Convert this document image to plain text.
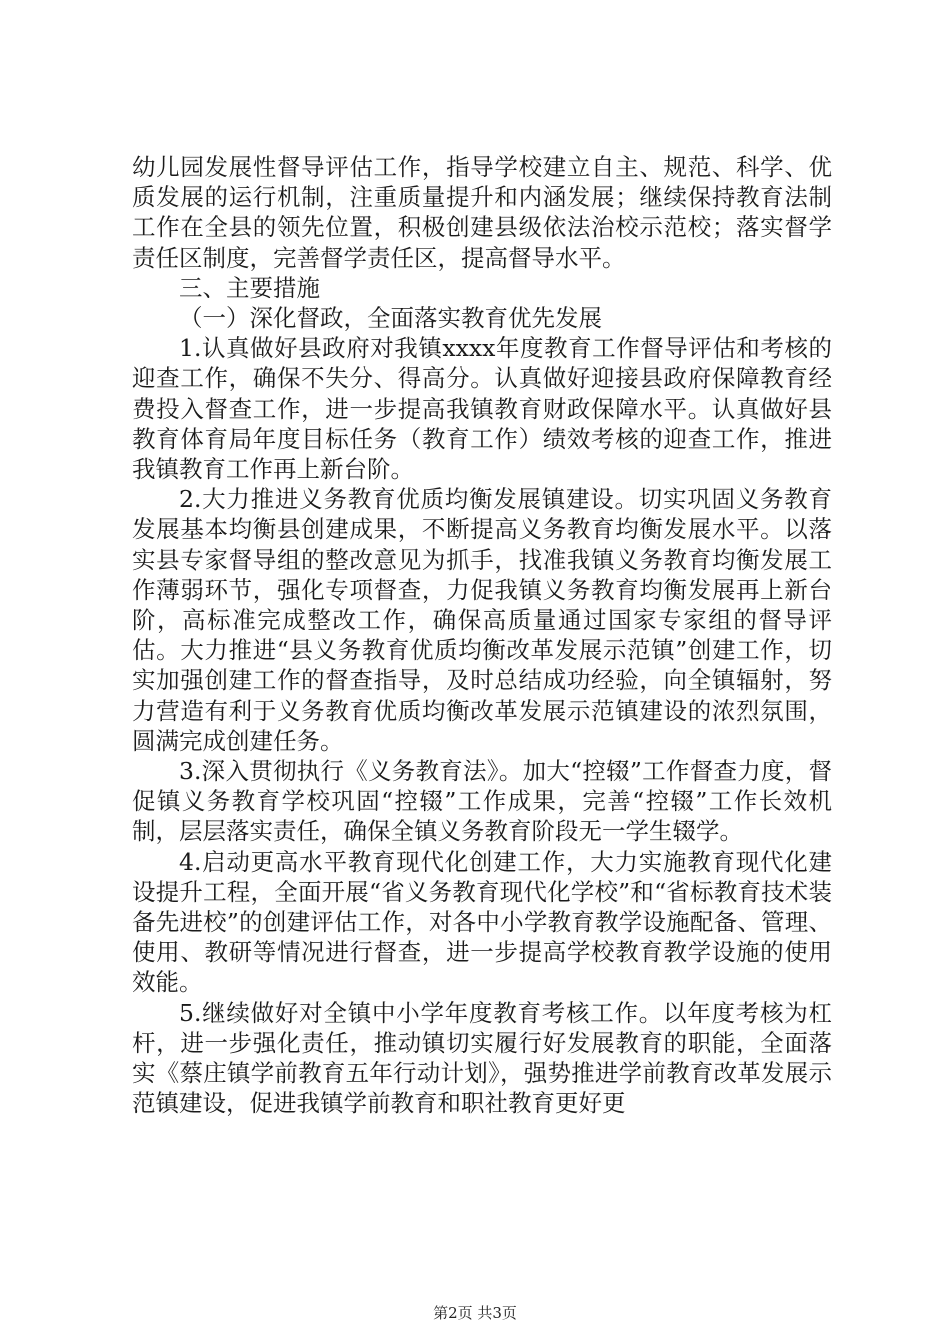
幼儿园发展性督导评估工作，指导学校建立自主、规范、科学、优质发展的运行机制，注重质量提升和内涵发展；继续保持教育法制工作在全县的领先位置，积极创建县级依法治校示范校；落实督学责任区制度，完善督学责任区，提高督导水平。

三、主要措施

（一）深化督政，全面落实教育优先发展

1.认真做好县政府对我镇xxxx年度教育工作督导评估和考核的迎查工作，确保不失分、得高分。认真做好迎接县政府保障教育经费投入督查工作，进一步提高我镇教育财政保障水平。认真做好县教育体育局年度目标任务（教育工作）绩效考核的迎查工作，推进我镇教育工作再上新台阶。

2.大力推进义务教育优质均衡发展镇建设。切实巩固义务教育发展基本均衡县创建成果，不断提高义务教育均衡发展水平。以落实县专家督导组的整改意见为抓手，找准我镇义务教育均衡发展工作薄弱环节，强化专项督查，力促我镇义务教育均衡发展再上新台阶，高标准完成整改工作，确保高质量通过国家专家组的督导评估。大力推进“县义务教育优质均衡改革发展示范镇”创建工作，切实加强创建工作的督查指导，及时总结成功经验，向全镇辐射，努力营造有利于义务教育优质均衡改革发展示范镇建设的浓烈氛围，圆满完成创建任务。

3.深入贯彻执行《义务教育法》。加大“控辍”工作督查力度，督促镇义务教育学校巩固“控辍”工作成果，完善“控辍”工作长效机制，层层落实责任，确保全镇义务教育阶段无一学生辍学。

4.启动更高水平教育现代化创建工作，大力实施教育现代化建设提升工程，全面开展“省义务教育现代化学校”和“省标教育技术装备先进校”的创建评估工作，对各中小学教育教学设施配备、管理、使用、教研等情况进行督查，进一步提高学校教育教学设施的使用效能。

5.继续做好对全镇中小学年度教育考核工作。以年度考核为杠杆，进一步强化责任，推动镇切实履行好发展教育的职能，全面落实《蔡庄镇学前教育五年行动计划》，强势推进学前教育改革发展示范镇建设，促进我镇学前教育和职社教育更好更

第2页 共3页
